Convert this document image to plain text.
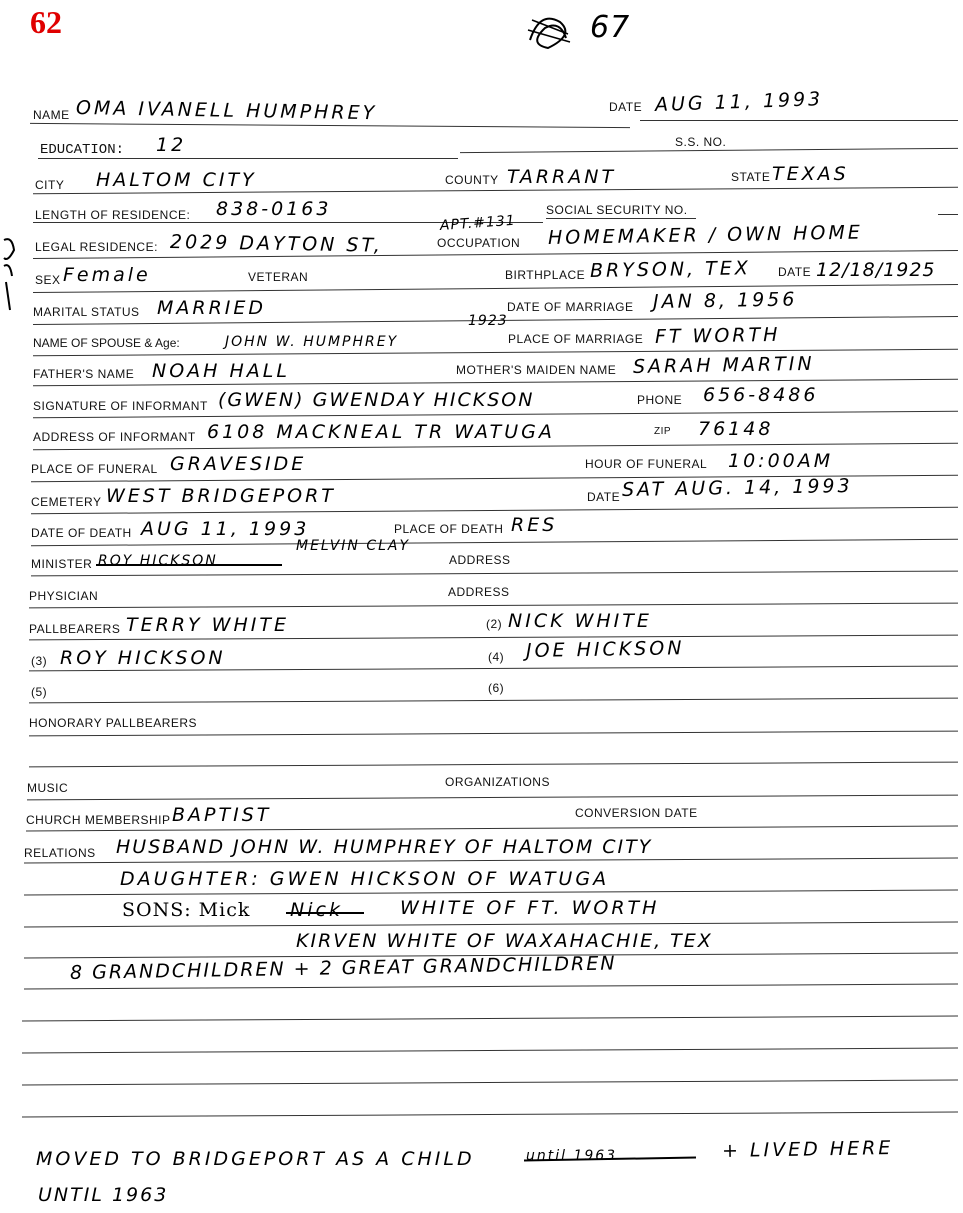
62	67
NAME OMA IVANELL HUMPHREY	DATE AUG 11, 1993
EDUCATION: 12	S.S. NO.
CITY HALTOM CITY	COUNTY TARRANT	STATE TEXAS
LENGTH OF RESIDENCE: 838-0163	SOCIAL SECURITY NO.
APT.#131
LEGAL RESIDENCE: 2029 DAYTON ST,	OCCUPATION HOMEMAKER / OWN HOME
SEX Female	VETERAN	BIRTHPLACE BRYSON, TEX DATE 12/18/1925
MARITAL STATUS MARRIED	DATE OF MARRIAGE JAN 8, 1956
1923
NAME OF SPOUSE & Age:	JOHN W. HUMPHREY	PLACE OF MARRIAGE FT WORTH
FATHER'S NAME NOAH HALL	MOTHER'S MAIDEN NAME SARAH MARTIN
SIGNATURE OF INFORMANT (GWEN) GWENDAY HICKSON	PHONE 656-8486
ADDRESS OF INFORMANT 6108 MACKNEAL TR WATUGA	ZIP 76148
PLACE OF FUNERAL GRAVESIDE	HOUR OF FUNERAL 10:00AM
CEMETERY WEST BRIDGEPORT	DATE SAT AUG. 14, 1993
DATE OF DEATH AUG 11, 1993	PLACE OF DEATH RES
MELVIN CLAY
MINISTER ROY HICKSON	ADDRESS
PHYSICIAN	ADDRESS
PALLBEARERS TERRY WHITE	(2) NICK WHITE
(3) ROY HICKSON	(4) JOE HICKSON
(5)	(6)
HONORARY PALLBEARERS
MUSIC	ORGANIZATIONS
CHURCH MEMBERSHIP BAPTIST	CONVERSION DATE
RELATIONS HUSBAND JOHN W. HUMPHREY OF HALTOM CITY
DAUGHTER: GWEN HICKSON OF WATUGA
SONS: Mick Nick	WHITE OF FT. WORTH
KIRVEN WHITE OF WAXAHACHIE, TEX
8 GRANDCHILDREN + 2 GREAT GRANDCHILDREN
MOVED TO BRIDGEPORT AS A CHILD	until 1963	+ LIVED HERE
UNTIL 1963
